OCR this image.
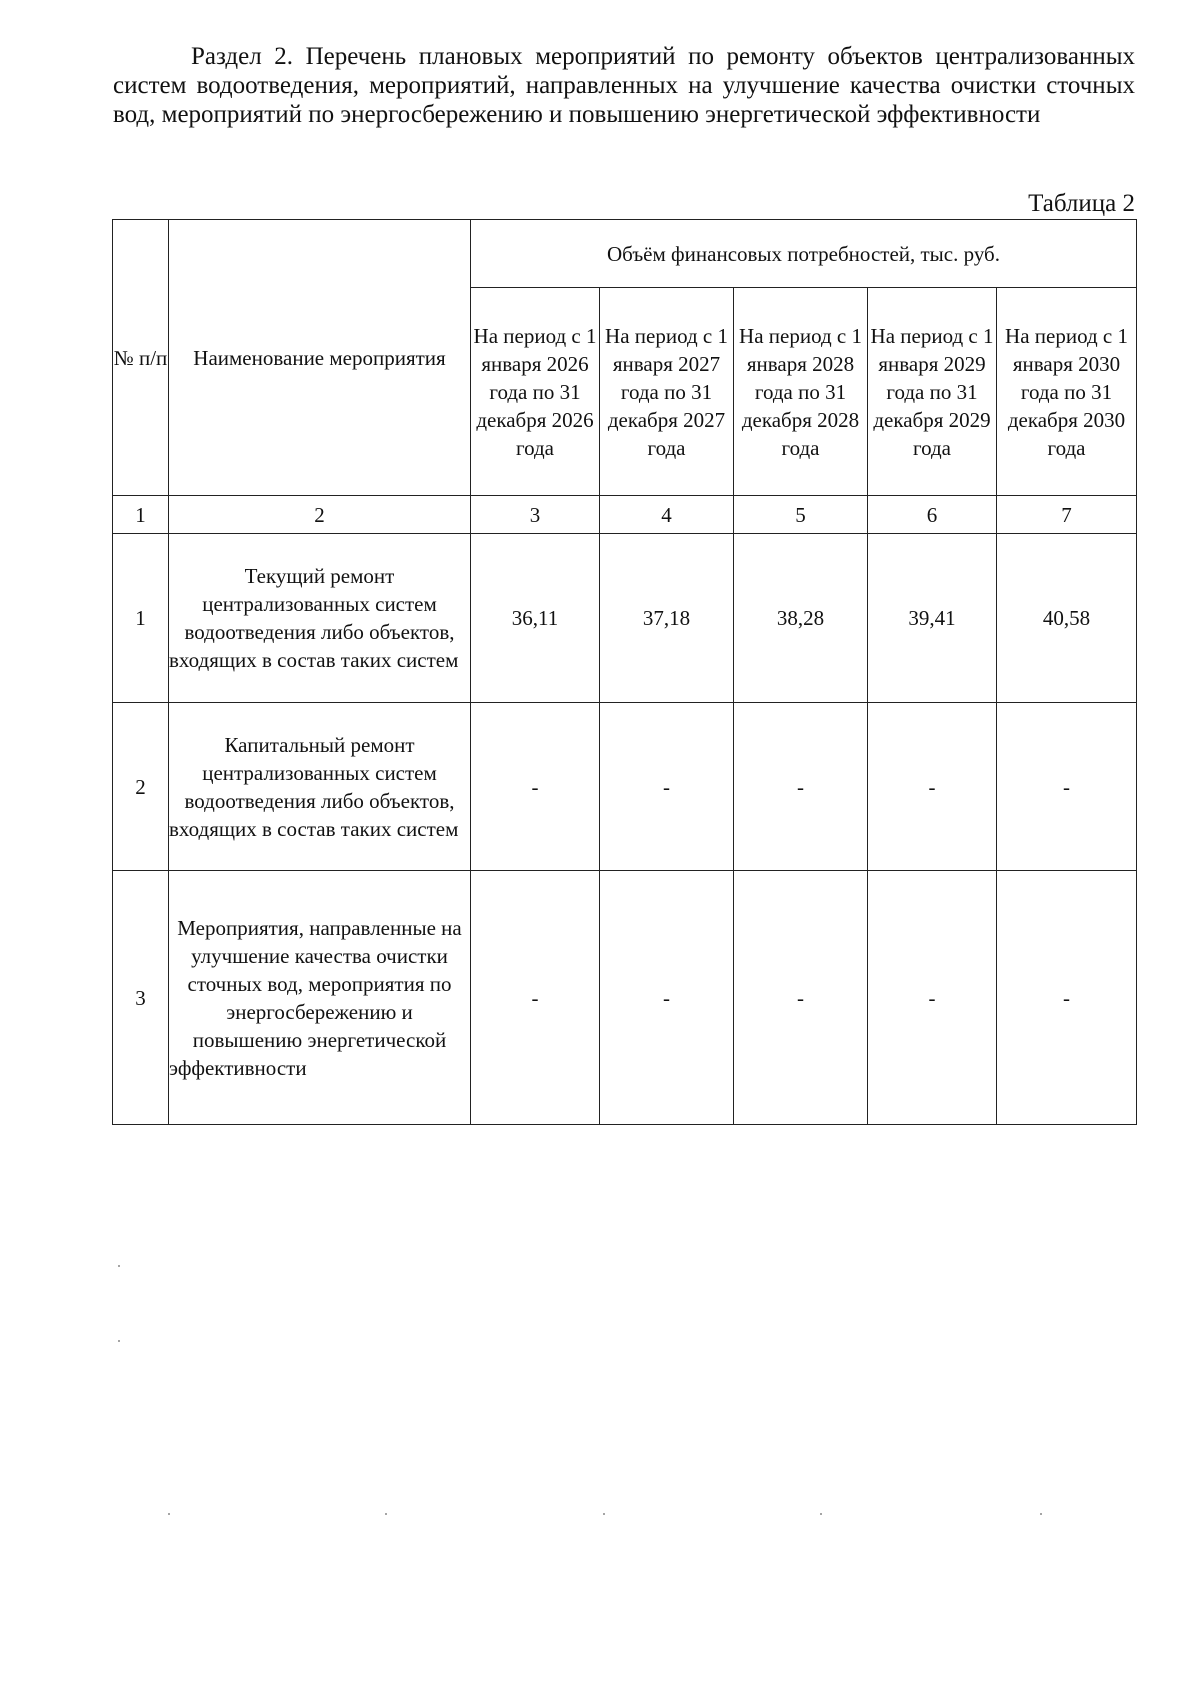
Раздел 2. Перечень плановых мероприятий по ремонту объектов централизованных систем водоотведения, мероприятий, направленных на улучшение качества очистки сточных вод, мероприятий по энергосбережению и повышению энергетической эффективности

Таблица 2
№ п/п	Наименование мероприятия	Объём финансовых потребностей, тыс. руб.				
		На период с 1 января 2026 года по 31 декабря 2026 года	На период с 1 января 2027 года по 31 декабря 2027 года	На период с 1 января 2028 года по 31 декабря 2028 года	На период с 1 января 2029 года по 31 декабря 2029 года	На период с 1 января 2030 года по 31 декабря 2030 года
1	2	3	4	5	6	7
1	Текущий ремонт централизованных систем водоотведения либо объектов, входящих в состав таких систем	36,11	37,18	38,28	39,41	40,58
2	Капитальный ремонт централизованных систем водоотведения либо объектов, входящих в состав таких систем	-	-	-	-	-
3	Мероприятия, направленные на улучшение качества очистки сточных вод, мероприятия по энергосбережению и повышению энергетической эффективности	-	-	-	-	-
